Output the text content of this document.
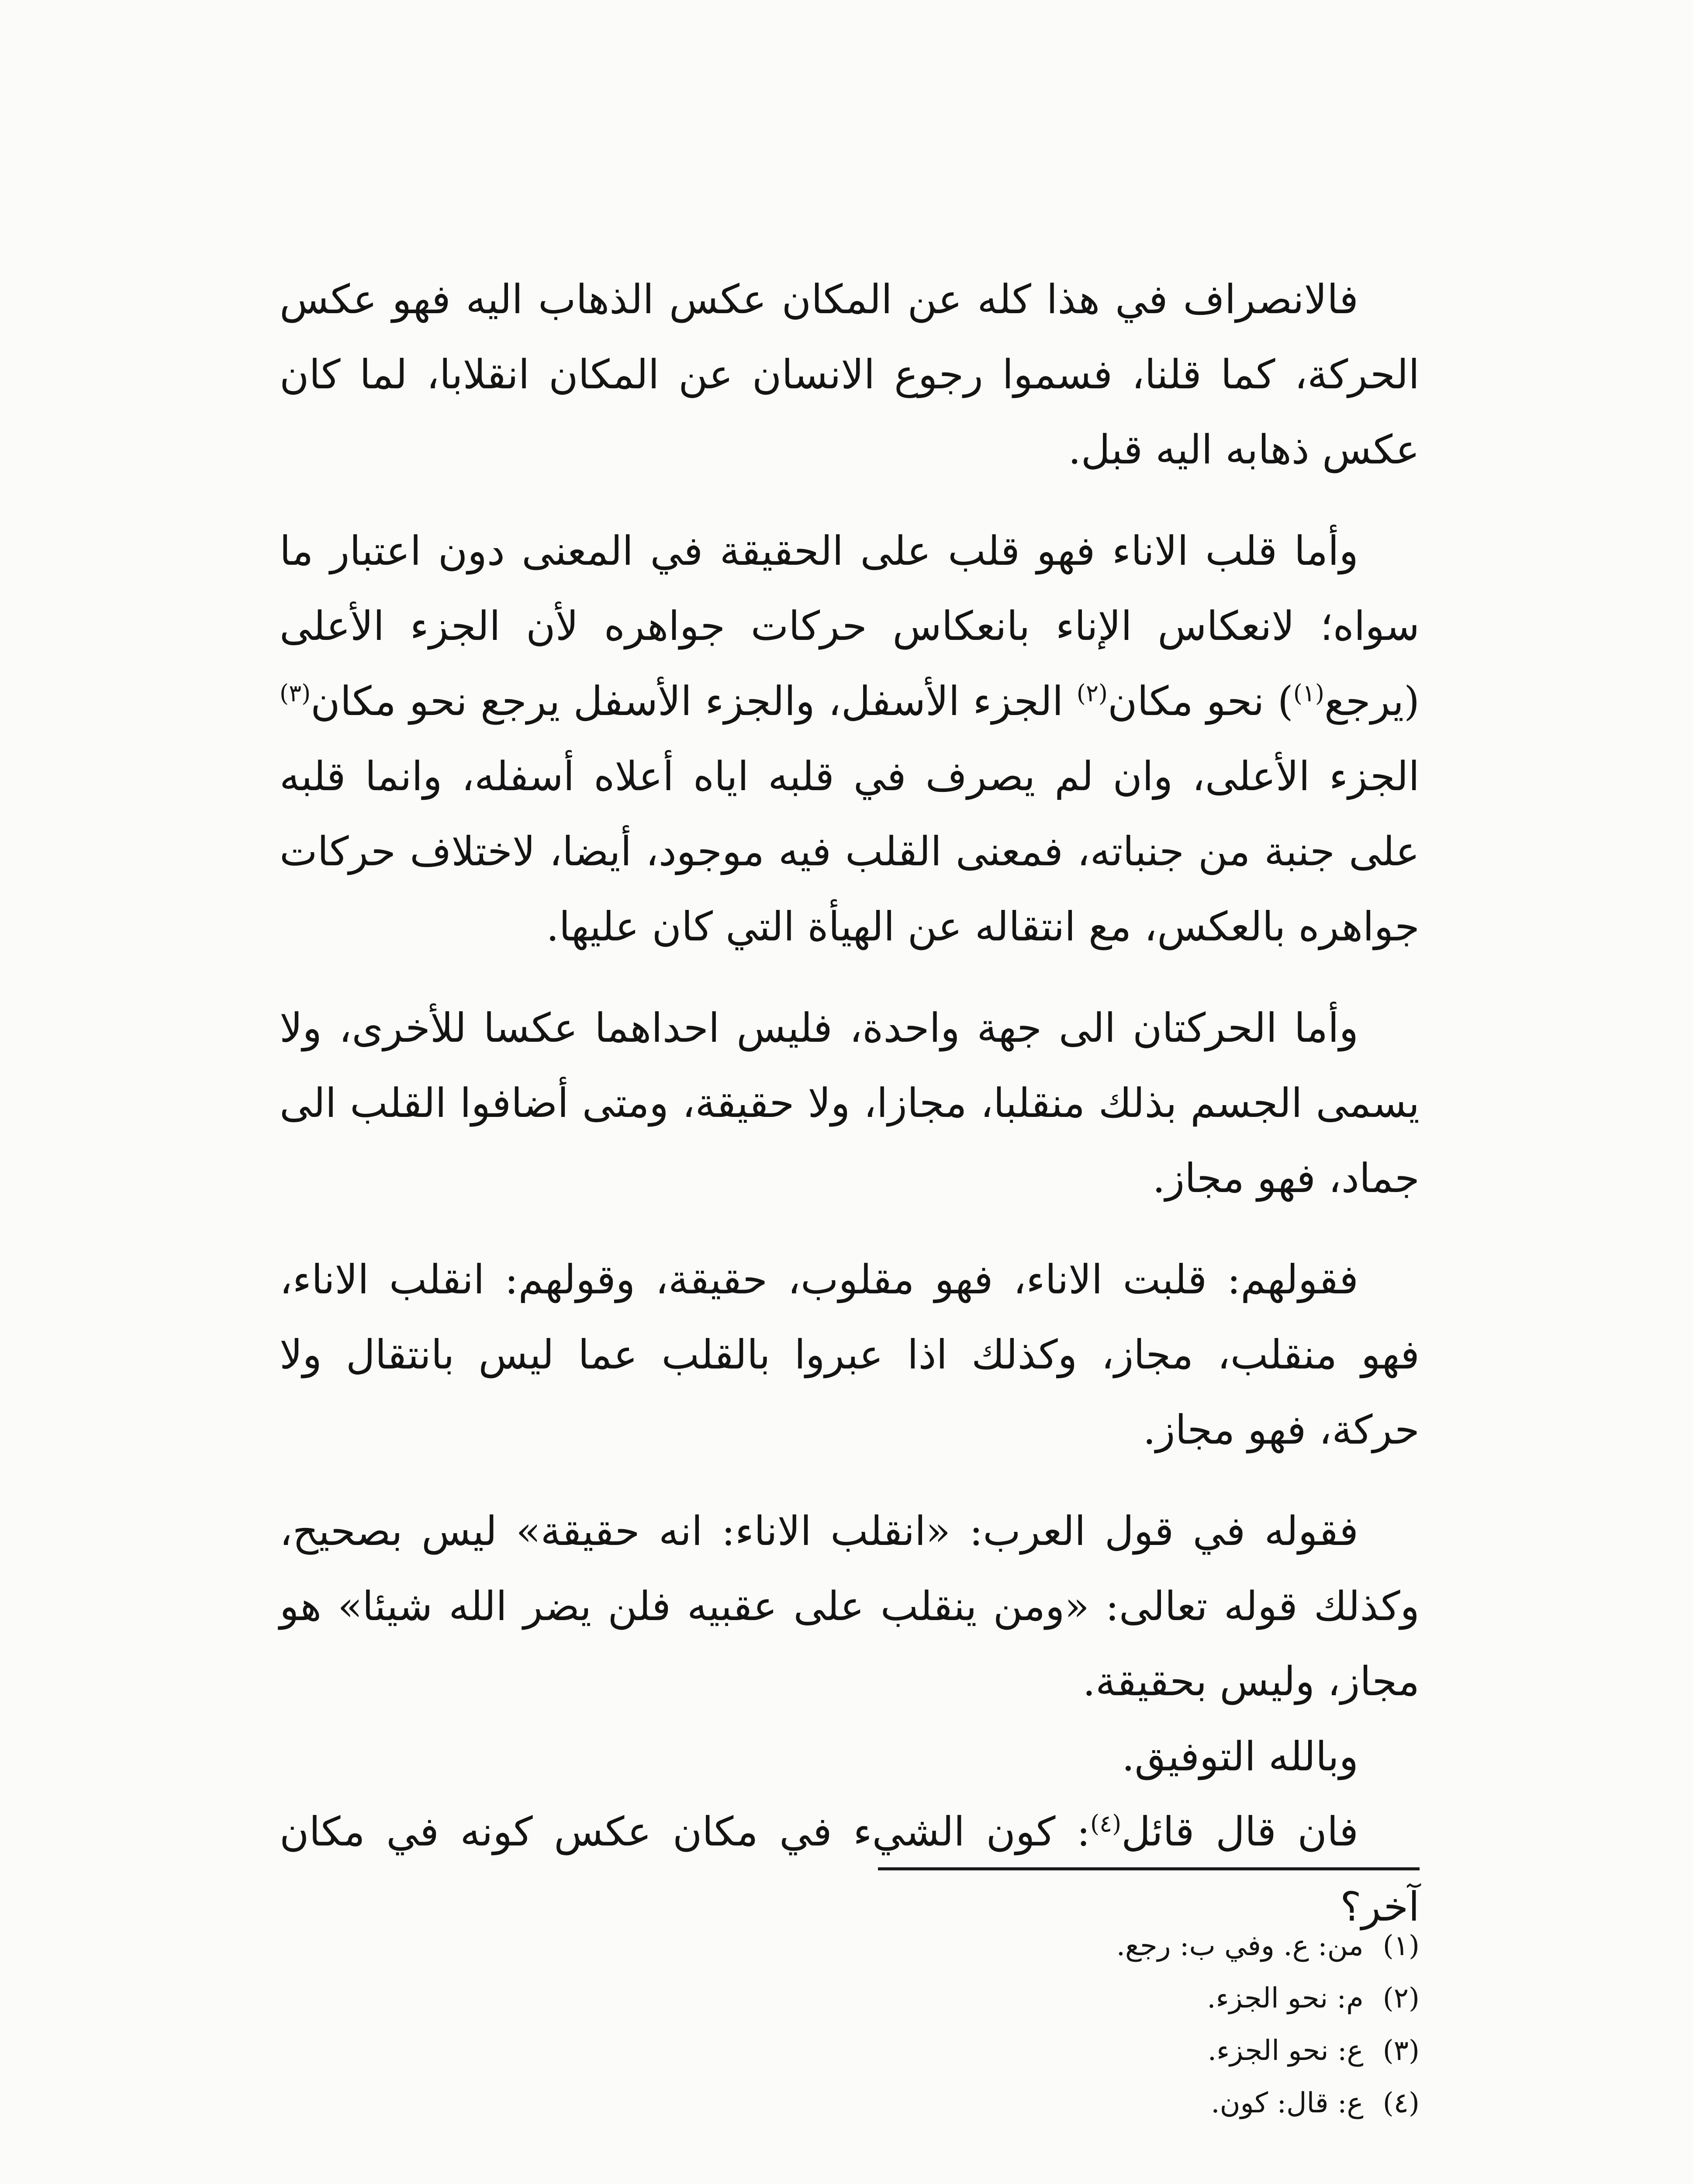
فالانصراف في هذا كله عن المكان عكس الذهاب اليه فهو عكس الحركة، كما قلنا، فسموا رجوع الانسان عن المكان انقلابا، لما كان عكس ذهابه اليه قبل.

وأما قلب الاناء فهو قلب على الحقيقة في المعنى دون اعتبار ما سواه؛ لانعكاس الإناء بانعكاس حركات جواهره لأن الجزء الأعلى (يرجع$^{(١)}$) نحو مكان$^{(٢)}$ الجزء الأسفل، والجزء الأسفل يرجع نحو مكان$^{(٣)}$ الجزء الأعلى، وان لم يصرف في قلبه اياه أعلاه أسفله، وانما قلبه على جنبة من جنباته، فمعنى القلب فيه موجود، أيضا، لاختلاف حركات جواهره بالعكس، مع انتقاله عن الهيأة التي كان عليها.

وأما الحركتان الى جهة واحدة، فليس احداهما عكسا للأخرى، ولا يسمى الجسم بذلك منقلبا، مجازا، ولا حقيقة، ومتى أضافوا القلب الى جماد، فهو مجاز.

فقولهم: قلبت الاناء، فهو مقلوب، حقيقة، وقولهم: انقلب الاناء، فهو منقلب، مجاز، وكذلك اذا عبروا بالقلب عما ليس بانتقال ولا حركة، فهو مجاز.

فقوله في قول العرب: «انقلب الاناء: انه حقيقة» ليس بصحيح، وكذلك قوله تعالى: «ومن ينقلب على عقبيه فلن يضر الله شيئا» هو مجاز، وليس بحقيقة.

وبالله التوفيق.

فان قال قائل$^{(٤)}$: كون الشيء في مكان عكس كونه في مكان آخر؟

(١)من: ع. وفي ب: رجع.
(٢)م: نحو الجزء.
(٣)ع: نحو الجزء.
(٤)ع: قال: كون.
